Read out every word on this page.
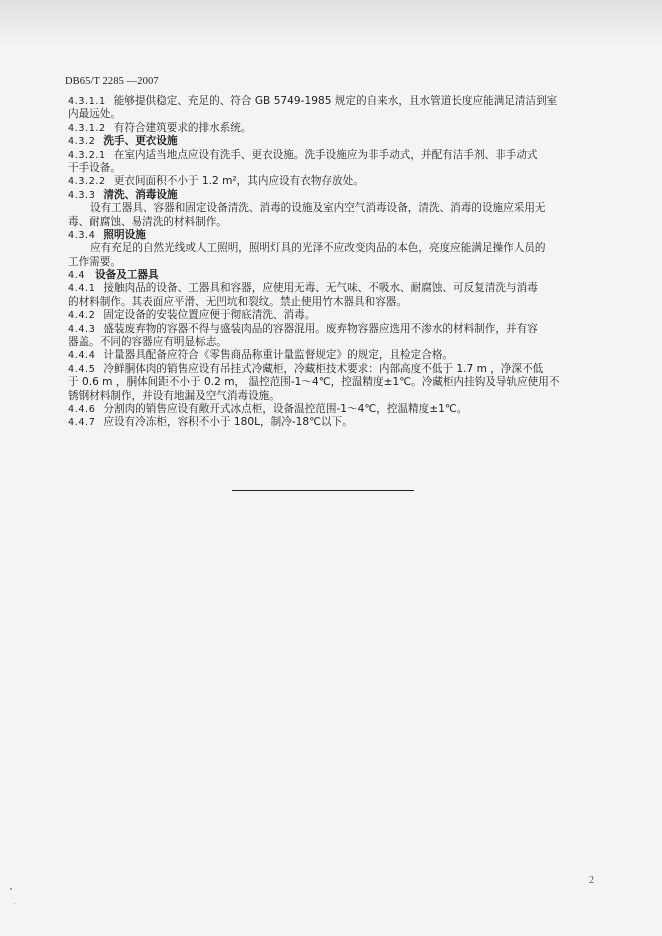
DB65/T 2285 —2007
4.3.1.1 能够提供稳定、充足的、符合 GB 5749-1985 规定的自来水，且水管道长度应能满足清洁到室
内最远处。
4.3.1.2 有符合建筑要求的排水系统。
4.3.2 洗手、更衣设施
4.3.2.1 在室内适当地点应设有洗手、更衣设施。洗手设施应为非手动式，并配有洁手剂、非手动式
干手设备。
4.3.2.2 更衣间面积不小于 1.2 m²，其内应设有衣物存放处。
4.3.3 清洗、消毒设施
设有工器具、容器和固定设备清洗、消毒的设施及室内空气消毒设备，清洗、消毒的设施应采用无
毒、耐腐蚀、易清洗的材料制作。
4.3.4 照明设施
应有充足的自然光线或人工照明，照明灯具的光泽不应改变肉品的本色，亮度应能满足操作人员的
工作需要。
4.4 设备及工器具
4.4.1 接触肉品的设备、工器具和容器，应使用无毒、无气味、不吸水、耐腐蚀、可反复清洗与消毒
的材料制作。其表面应平滑、无凹坑和裂纹。禁止使用竹木器具和容器。
4.4.2 固定设备的安装位置应便于彻底清洗、消毒。
4.4.3 盛装废弃物的容器不得与盛装肉品的容器混用。废弃物容器应选用不渗水的材料制作，并有容
器盖。不同的容器应有明显标志。
4.4.4 计量器具配备应符合《零售商品称重计量监督规定》的规定，且检定合格。
4.4.5 冷鲜胴体肉的销售应设有吊挂式冷藏柜，冷藏柜技术要求：内部高度不低于 1.7 m ，净深不低
于 0.6 m ，胴体间距不小于 0.2 m， 温控范围-1～4℃，控温精度±1℃。冷藏柜内挂钩及导轨应使用不
锈钢材料制作，并设有地漏及空气消毒设施。
4.4.6 分割肉的销售应设有敞开式冰点柜，设备温控范围-1～4℃，控温精度±1℃。
4.4.7 应设有冷冻柜，容积不小于 180L，制冷-18℃以下。
2
